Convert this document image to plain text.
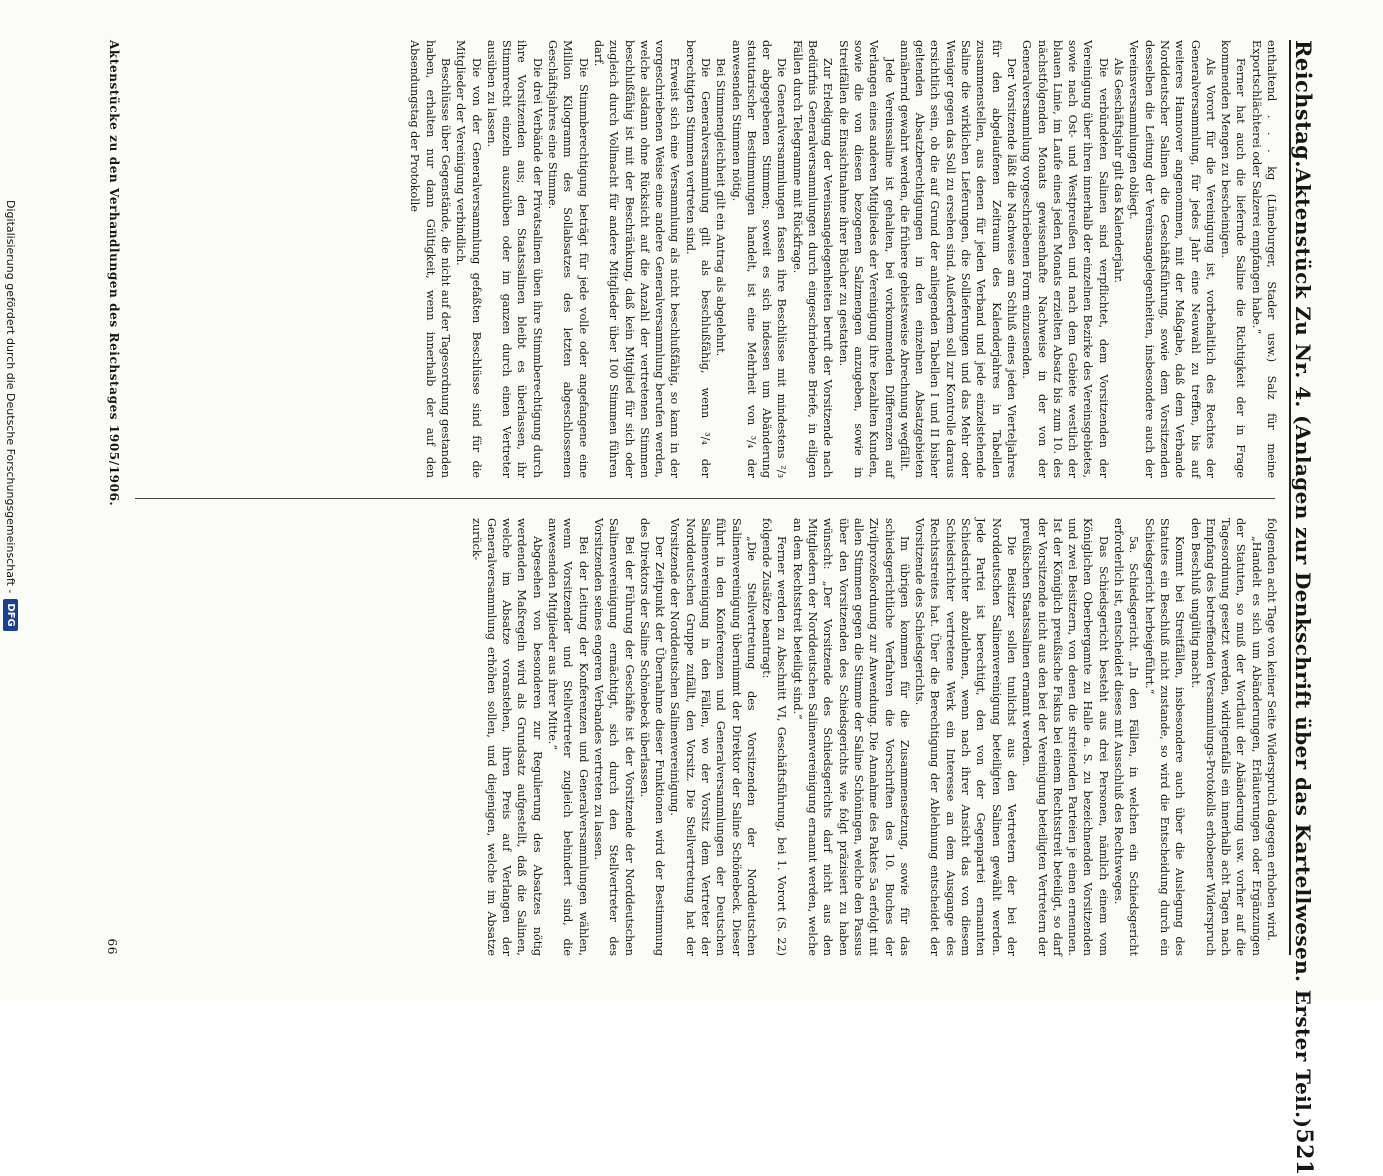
Reichstag.
Aktenstück Zu Nr. 4. (Anlagen zur Denkschrift über das Kartellwesen. Erster Teil.)
521

enthaltend . . . kg (Lüneburger, Stader usw.) Salz für meine Exportschlächterei oder Salzerei empfangen habe.“

Ferner hat auch die liefernde Saline die Richtigkeit der in Frage kommenden Mengen zu bescheinigen.

Als Vorort für die Vereinigung ist, vorbehaltlich des Rechtes der Generalversammlung, für jedes Jahr eine Neuwahl zu treffen, bis auf weiteres Hannover angenommen, mit der Maßgabe, daß dem Verbande Norddeutscher Salinen die Geschäftsführung, sowie dem Vorsitzenden desselben die Leitung der Vereinsangelegenheiten, insbesondere auch der Vereinsversammlungen obliegt.

Als Geschäftsjahr gilt das Kalenderjahr.

Die verbündeten Salinen sind verpflichtet, dem Vorsitzenden der Vereinigung über ihren innerhalb der einzelnen Bezirke des Vereinsgebietes, sowie nach Ost- und Westpreußen und nach dem Gebiete westlich der blauen Linie, im Laufe eines jeden Monats erzielten Absatz bis zum 10. des nächstfolgenden Monats gewissenhafte Nachweise in der von der Generalversammlung vorgeschriebenen Form einzusenden.

Der Vorsitzende läßt die Nachweise am Schluß eines jeden Vierteljahres für den abgelaufenen Zeitraum des Kalenderjahres in Tabellen zusammenstellen, aus denen für jeden Verband und jede einzelstehende Saline die wirklichen Lieferungen, die Sollieferungen und das Mehr oder Weniger gegen das Soll zu ersehen sind. Außerdem soll zur Kontrolle daraus ersichtlich sein, ob die auf Grund der anliegenden Tabellen I und II bisher geltenden Absatzberechtigungen in den einzelnen Absatzgebieten annähernd gewahrt werden, die frühere gebietsweise Abrechnung wegfällt.

Jede Vereinssaline ist gehalten, bei vorkommenden Differenzen auf Verlangen eines anderen Mitgliedes der Vereinigung ihre bezahlten Kunden, sowie die von diesen bezogenen Salzmengen anzugeben, sowie in Streitfällen die Einsichtnahme ihrer Bücher zu gestatten.

Zur Erledigung der Vereinsangelegenheiten beruft der Vorsitzende nach Bedürfnis Generalversammlungen durch eingeschriebene Briefe, in eiligen Fällen durch Telegramme mit Rückfrage.

Die Generalversammlungen fassen ihre Beschlüsse mit mindestens ²/₃ der abgegebenen Stimmen; soweit es sich indessen um Abänderung statutarischer Bestimmungen handelt, ist eine Mehrheit von ³/₄ der anwesenden Stimmen nötig.

Bei Stimmengleichheit gilt ein Antrag als abgelehnt.

Die Generalversammlung gilt als beschlußfähig, wenn ³/₄ der berechtigten Stimmen vertreten sind.

Erweist sich eine Versammlung als nicht beschlußfähig, so kann in der vorgeschriebenen Weise eine andere Generalversammlung berufen werden, welche alsdann ohne Rücksicht auf die Anzahl der vertretenen Stimmen beschlußfähig ist mit der Beschränkung, daß kein Mitglied für sich oder zugleich durch Vollmacht für andere Mitglieder über 100 Stimmen führen darf.

Die Stimmberechtigung beträgt für jede volle oder angefangene eine Million Kilogramm des Sollabsatzes des letzten abgeschlossenen Geschäftsjahres eine Stimme.

Die drei Verbände der Privatsalinen üben ihre Stimmberechtigung durch ihre Vorsitzenden aus; den Staatssalinen bleibt es überlassen, ihr Stimmrecht einzeln auszuüben oder im ganzen durch einen Vertreter ausüben zu lassen.

Die von der Generalversammlung gefaßten Beschlüsse sind für die Mitglieder der Vereinigung verbindlich.

Beschlüsse über Gegenstände, die nicht auf der Tagesordnung gestanden haben, erhalten nur dann Gültigkeit, wenn innerhalb der auf den Absendungstag der Protokolle

folgenden acht Tage von keiner Seite Widerspruch dagegen erhoben wird.

„Handelt es sich um Abänderungen, Erläuterungen oder Ergänzungen der Statuten, so muß der Wortlaut der Abänderung usw. vorher auf die Tagesordnung gesetzt werden, widrigenfalls ein innerhalb acht Tagen nach Empfang des betreffenden Versammlungs-Protokolls erhobener Widerspruch den Beschluß ungültig macht.

Kommt bei Streitfällen, insbesondere auch über die Auslegung des Statutes ein Beschluß nicht zustande, so wird die Entscheidung durch ein Schiedsgericht herbeigeführt.“

5a. Schiedsgericht. „In den Fällen, in welchen ein Schiedsgericht erforderlich ist, entscheidet dieses mit Ausschluß des Rechtsweges.

Das Schiedsgericht besteht aus drei Personen, nämlich einem vom Königlichen Oberbergamte zu Halle a. S. zu bezeichnenden Vorsitzenden und zwei Beisitzern, von denen die streitenden Parteien je einen ernennen. Ist der Königlich preußische Fiskus bei einem Rechtsstreit beteiligt, so darf der Vorsitzende nicht aus den bei der Vereinigung beteiligten Vertretern der preußischen Staatssalinen ernannt werden.

Die Beisitzer sollen tunlichst aus den Vertretern der bei der Norddeutschen Salinenvereinigung beteiligten Salinen gewählt werden. Jede Partei ist berechtigt, den von der Gegenpartei ernannten Schiedsrichter abzulehnen, wenn nach ihrer Ansicht das von diesem Schiedsrichter vertretene Werk ein Interesse an dem Ausgange des Rechtsstreites hat. Über die Berechtigung der Ablehnung entscheidet der Vorsitzende des Schiedsgerichts.

Im übrigen kommen für die Zusammensetzung, sowie für das schiedsgerichtliche Verfahren die Vorschriften des 10. Buches der Zivilprozeßordnung zur Anwendung. Die Annahme des Paktes 5a erfolgt mit allen Stimmen gegen die Stimme der Saline Schöningen, welche den Passus über den Vorsitzenden des Schiedsgerichts wie folgt präzisiert zu haben wünscht: „Der Vorsitzende des Schiedsgerichts darf nicht aus den Mitgliedern der Norddeutschen Salinenvereinigung ernannt werden, welche an dem Rechtsstreit beteiligt sind.“

Ferner werden zu Abschnitt VI, Geschäftsführung, bei 1. Vorort (S. 22) folgende Zusätze beantragt:

„Die Stellvertretung des Vorsitzenden der Norddeutschen Salinenvereinigung übernimmt der Direktor der Saline Schönebeck. Dieser führt in den Konferenzen und Generalversammlungen der Deutschen Salinenvereinigung in den Fällen, wo der Vorsitz dem Vertreter der Norddeutschen Gruppe zufällt, den Vorsitz. Die Stellvertretung hat der Vorsitzende der Norddeutschen Salinenvereinigung.

Der Zeitpunkt der Übernahme dieser Funktionen wird der Bestimmung des Direktors der Saline Schönebeck überlassen.

Bei der Führung der Geschäfte ist der Vorsitzende der Norddeutschen Salinenvereinigung ermächtigt, sich durch den Stellvertreter des Vorsitzenden seines engeren Verbandes vertreten zu lassen.

Bei der Leitung der Konferenzen und Generalversammlungen wählen, wenn Vorsitzender und Stellvertreter zugleich behindert sind, die anwesenden Mitglieder aus ihrer Mitte.“

Abgesehen von besonderen zur Regulierung des Absatzes nötig werdenden Maßregeln wird als Grundsatz aufgestellt, daß die Salinen, welche im Absatze voranstehen, ihren Preis auf Verlangen der Generalversammlung erhöhen sollen, und diejenigen, welche im Absatze zurück-

Aktenstücke zu den Verhandlungen des Reichstages 1905/1906.
66
Digitalisierung gefördert durch die Deutsche Forschungsgemeinschaft -
DFG
